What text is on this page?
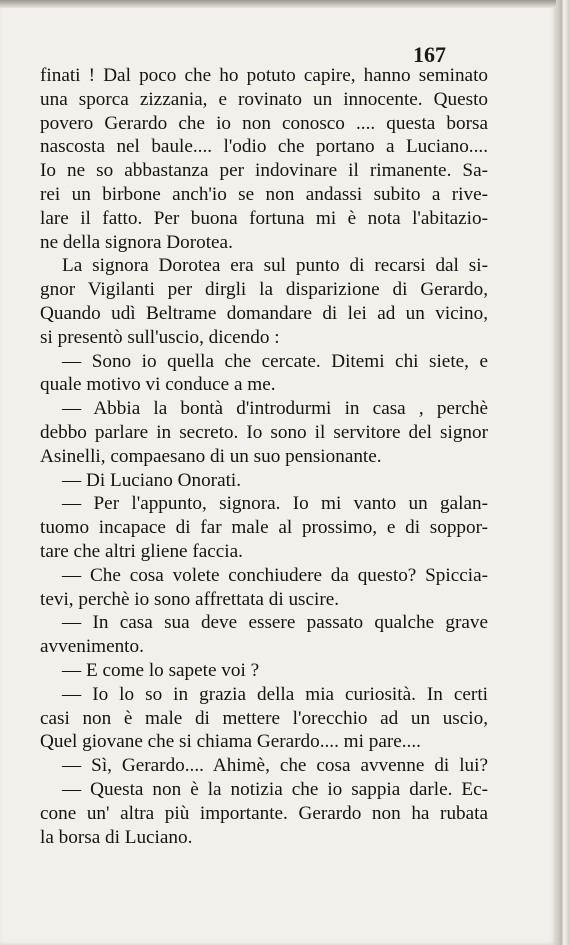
167
finati ! Dal poco che ho potuto capire, hanno seminato
una sporca zizzania, e rovinato un innocente. Questo
povero Gerardo che io non conosco .... questa borsa
nascosta nel baule.... l'odio che portano a Luciano....
Io ne so abbastanza per indovinare il rimanente. Sa-
rei un birbone anch'io se non andassi subito a rive-
lare il fatto. Per buona fortuna mi è nota l'abitazio-
ne della signora Dorotea.
La signora Dorotea era sul punto di recarsi dal si-
gnor Vigilanti per dirgli la disparizione di Gerardo,
Quando udì Beltrame domandare di lei ad un vicino,
si presentò sull'uscio, dicendo :
— Sono io quella che cercate. Ditemi chi siete, e
quale motivo vi conduce a me.
— Abbia la bontà d'introdurmi in casa , perchè
debbo parlare in secreto. Io sono il servitore del signor
Asinelli, compaesano di un suo pensionante.
— Di Luciano Onorati.
— Per l'appunto, signora. Io mi vanto un galan-
tuomo incapace di far male al prossimo, e di soppor-
tare che altri gliene faccia.
— Che cosa volete conchiudere da questo? Spiccia-
tevi, perchè io sono affrettata di uscire.
— In casa sua deve essere passato qualche grave
avvenimento.
— E come lo sapete voi ?
— Io lo so in grazia della mia curiosità. In certi
casi non è male di mettere l'orecchio ad un uscio,
Quel giovane che si chiama Gerardo.... mi pare....
— Sì, Gerardo.... Ahimè, che cosa avvenne di lui?
— Questa non è la notizia che io sappia darle. Ec-
cone un' altra più importante. Gerardo non ha rubata
la borsa di Luciano.
